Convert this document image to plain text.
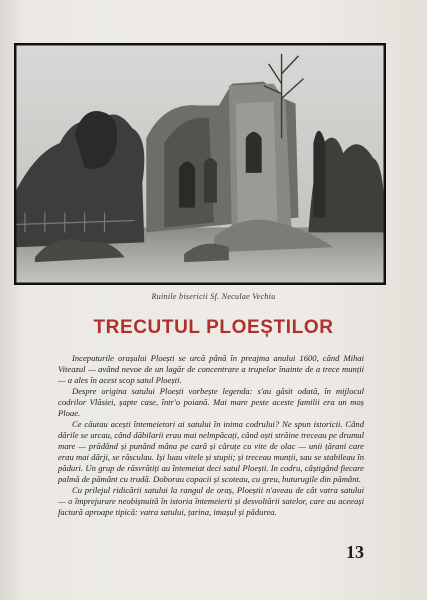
Ruinile bisericii Sf. Neculae Vechiu
TRECUTUL PLOEȘTILOR

Inceputurile orașului Ploești se urcă până în preajma anului 1600, când Mihai Viteazul — având nevoe de un lagăr de concentrare a trupelor înainte de a trece munții — a ales în acest scop satul Ploești.

Despre origina satului Ploești vorbește legenda: s'au găsit odată, în mijlocul codrilor Vlăsiei, șapte case, într'o poiană. Mai mare peste aceste familii era un moș Ploae.

Ce căutau acești întemeietori ai satului în inima codrului? Ne spun istoricii. Când dările se urcau, când dăbilarii erau mai nelmpăcați, când oști străine treceau pe drumul mare — prădând și punând mâna pe cară și căruțe cu vite de olac — unii țărani care erau mai dârji, se răsculau. Iși luau vitele și stupii; și treceau munții, sau se stabileau în păduri. Un grup de răsvrătiți au întemeiat deci satul Ploești. In codru, câștigând fiecare palmă de pământ cu trudă. Doborau copacii și scoteau, cu greu, buturugile din pământ.

Cu prilejul ridicării satului la rangul de oraș, Ploeștii n'aveau de cât vatra satului — o împrejurare neobișnuită în istoria întemeierii și desvoltării satelor, care au aceeași factură aproape tipică: vatra satului, țarina, imașul și pădurea.

13
